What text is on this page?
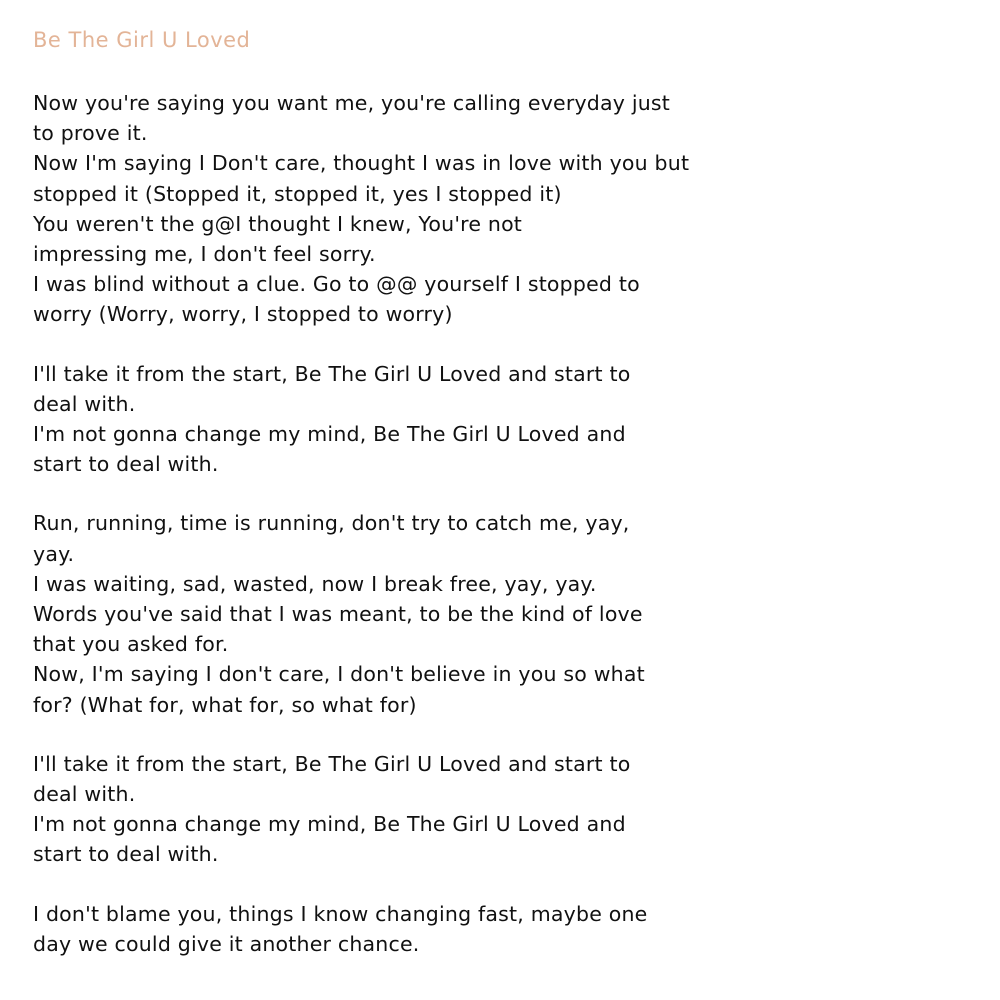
Be The Girl U Loved
Now you're saying you want me, you're calling everyday just
to prove it.
Now I'm saying I Don't care, thought I was in love with you but
stopped it (Stopped it, stopped it, yes I stopped it)
You weren't the g@I thought I knew, You're not
impressing me, I don't feel sorry.
I was blind without a clue. Go to @@ yourself I stopped to
worry (Worry, worry, I stopped to worry)
I'll take it from the start, Be The Girl U Loved and start to
deal with.
I'm not gonna change my mind, Be The Girl U Loved and
start to deal with.
Run, running, time is running, don't try to catch me, yay,
yay.
I was waiting, sad, wasted, now I break free, yay, yay.
Words you've said that I was meant, to be the kind of love
that you asked for.
Now, I'm saying I don't care, I don't believe in you so what
for? (What for, what for, so what for)
I'll take it from the start, Be The Girl U Loved and start to
deal with.
I'm not gonna change my mind, Be The Girl U Loved and
start to deal with.
I don't blame you, things I know changing fast, maybe one
day we could give it another chance.
